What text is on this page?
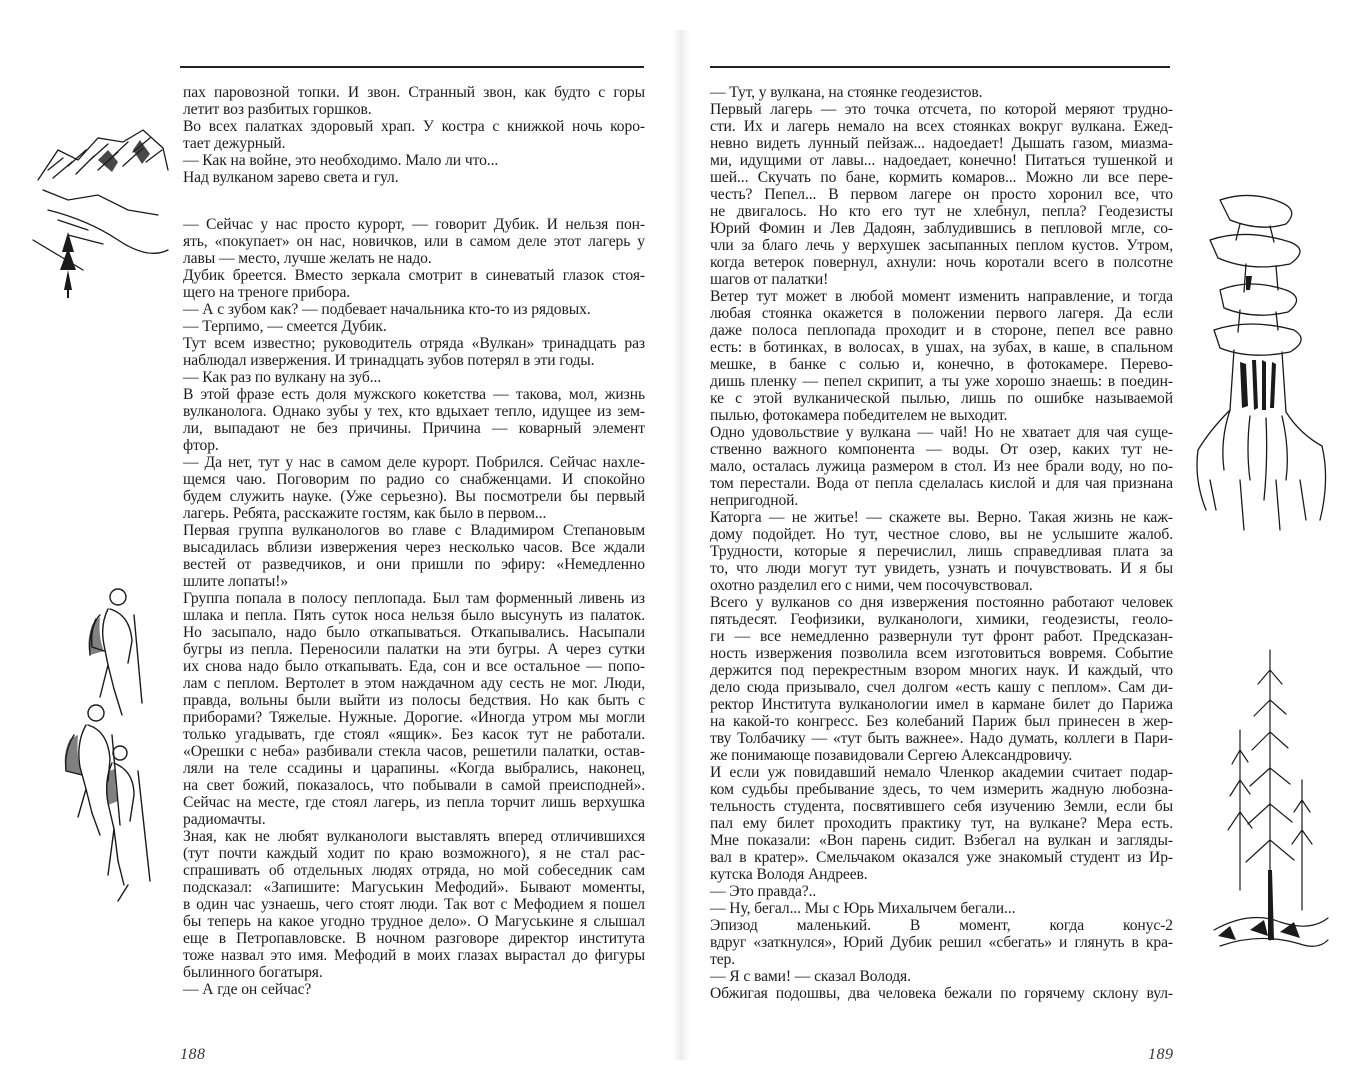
пах паровозной топки. И звон. Странный звон, как будто с горы
летит воз разбитых горшков.
Во всех палатках здоровый храп. У костра с книжкой ночь коро-
тает дежурный.
— Как на войне, это необходимо. Мало ли что...
Над вулканом зарево света и гул.
— Сейчас у нас просто курорт, — говорит Дубик. И нельзя пон-
ять, «покупает» он нас, новичков, или в самом деле этот лагерь у
лавы — место, лучше желать не надо.
Дубик бреется. Вместо зеркала смотрит в синеватый глазок стоя-
щего на треноге прибора.
— А с зубом как? — подбевает начальника кто-то из рядовых.
— Терпимо, — смеется Дубик.
Тут всем известно; руководитель отряда «Вулкан» тринадцать раз
наблюдал извержения. И тринадцать зубов потерял в эти годы.
— Как раз по вулкану на зуб...
В этой фразе есть доля мужского кокетства — такова, мол, жизнь
вулканолога. Однако зубы у тех, кто вдыхает тепло, идущее из зем-
ли, выпадают не без причины. Причина — коварный элемент
фтор.
— Да нет, тут у нас в самом деле курорт. Побрился. Сейчас нахле-
щемся чаю. Поговорим по радио со снабженцами. И спокойно
будем служить науке. (Уже серьезно). Вы посмотрели бы первый
лагерь. Ребята, расскажите гостям, как было в первом...
Первая группа вулканологов во главе с Владимиром Степановым
высадилась вблизи извержения через несколько часов. Все ждали
вестей от разведчиков, и они пришли по эфиру: «Немедленно
шлите лопаты!»
Группа попала в полосу пеплопада. Был там форменный ливень из
шлака и пепла. Пять суток носа нельзя было высунуть из палаток.
Но засыпало, надо было откапываться. Откапывались. Насыпали
бугры из пепла. Переносили палатки на эти бугры. А через сутки
их снова надо было откапывать. Еда, сон и все остальное — попо-
лам с пеплом. Вертолет в этом наждачном аду сесть не мог. Люди,
правда, вольны были выйти из полосы бедствия. Но как быть с
приборами? Тяжелые. Нужные. Дорогие. «Иногда утром мы могли
только угадывать, где стоял «ящик». Без касок тут не работали.
«Орешки с неба» разбивали стекла часов, решетили палатки, остав-
ляли на теле ссадины и царапины. «Когда выбрались, наконец,
на свет божий, показалось, что побывали в самой преисподней».
Сейчас на месте, где стоял лагерь, из пепла торчит лишь верхушка
радиомачты.
Зная, как не любят вулканологи выставлять вперед отличившихся
(тут почти каждый ходит по краю возможного), я не стал рас-
спрашивать об отдельных людях отряда, но мой собеседник сам
подсказал: «Запишите: Магуськин Мефодий». Бывают моменты,
в один час узнаешь, чего стоят люди. Так вот с Мефодием я пошел
бы теперь на какое угодно трудное дело». О Магуськине я слышал
еще в Петропавловске. В ночном разговоре директор института
тоже назвал это имя. Мефодий в моих глазах вырастал до фигуры
былинного богатыря.
— А где он сейчас?
188
— Тут, у вулкана, на стоянке геодезистов.
Первый лагерь — это точка отсчета, по которой меряют трудно-
сти. Их и лагерь немало на всех стоянках вокруг вулкана. Ежед-
невно видеть лунный пейзаж... надоедает! Дышать газом, миазма-
ми, идущими от лавы... надоедает, конечно! Питаться тушенкой и
шей... Скучать по бане, кормить комаров... Можно ли все пере-
честь? Пепел... В первом лагере он просто хоронил все, что
не двигалось. Но кто его тут не хлебнул, пепла? Геодезисты
Юрий Фомин и Лев Дадоян, заблудившись в пепловой мгле, со-
чли за благо лечь у верхушек засыпанных пеплом кустов. Утром,
когда ветерок повернул, ахнули: ночь коротали всего в полсотне
шагов от палатки!
Ветер тут может в любой момент изменить направление, и тогда
любая стоянка окажется в положении первого лагеря. Да если
даже полоса пеплопада проходит и в стороне, пепел все равно
есть: в ботинках, в волосах, в ушах, на зубах, в каше, в спальном
мешке, в банке с солью и, конечно, в фотокамере. Перево-
дишь пленку — пепел скрипит, а ты уже хорошо знаешь: в поедин-
ке с этой вулканической пылью, лишь по ошибке называемой
пылью, фотокамера победителем не выходит.
Одно удовольствие у вулкана — чай! Но не хватает для чая суще-
ственно важного компонента — воды. От озер, каких тут не-
мало, осталась лужица размером в стол. Из нее брали воду, но по-
том перестали. Вода от пепла сделалась кислой и для чая признана
непригодной.
Каторга — не житье! — скажете вы. Верно. Такая жизнь не каж-
дому подойдет. Но тут, честное слово, вы не услышите жалоб.
Трудности, которые я перечислил, лишь справедливая плата за
то, что люди могут тут увидеть, узнать и почувствовать. И я бы
охотно разделил его с ними, чем посочувствовал.
Всего у вулканов со дня извержения постоянно работают человек
пятьдесят. Геофизики, вулканологи, химики, геодезисты, геоло-
ги — все немедленно развернули тут фронт работ. Предсказан-
ность извержения позволила всем изготовиться вовремя. Событие
держится под перекрестным взором многих наук. И каждый, что
дело сюда призывало, счел долгом «есть кашу с пеплом». Сам ди-
ректор Института вулканологии имел в кармане билет до Парижа
на какой-то конгресс. Без колебаний Париж был принесен в жер-
тву Толбачику — «тут быть важнее». Надо думать, коллеги в Пари-
же понимающе позавидовали Сергею Александровичу.
И если уж повидавший немало Членкор академии считает подар-
ком судьбы пребывание здесь, то чем измерить жадную любозна-
тельность студента, посвятившего себя изучению Земли, если бы
пал ему билет проходить практику тут, на вулкане? Мера есть.
Мне показали: «Вон парень сидит. Взбегал на вулкан и загляды-
вал в кратер». Смельчаком оказался уже знакомый студент из Ир-
кутска Володя Андреев.
— Это правда?..
— Ну, бегал... Мы с Юрь Михалычем бегали...
Эпизод маленький. В момент, когда конус-2
вдруг «заткнулся», Юрий Дубик решил «сбегать» и глянуть в кра-
тер.
— Я с вами! — сказал Володя.
Обжигая подошвы, два человека бежали по горячему склону вул-
189
